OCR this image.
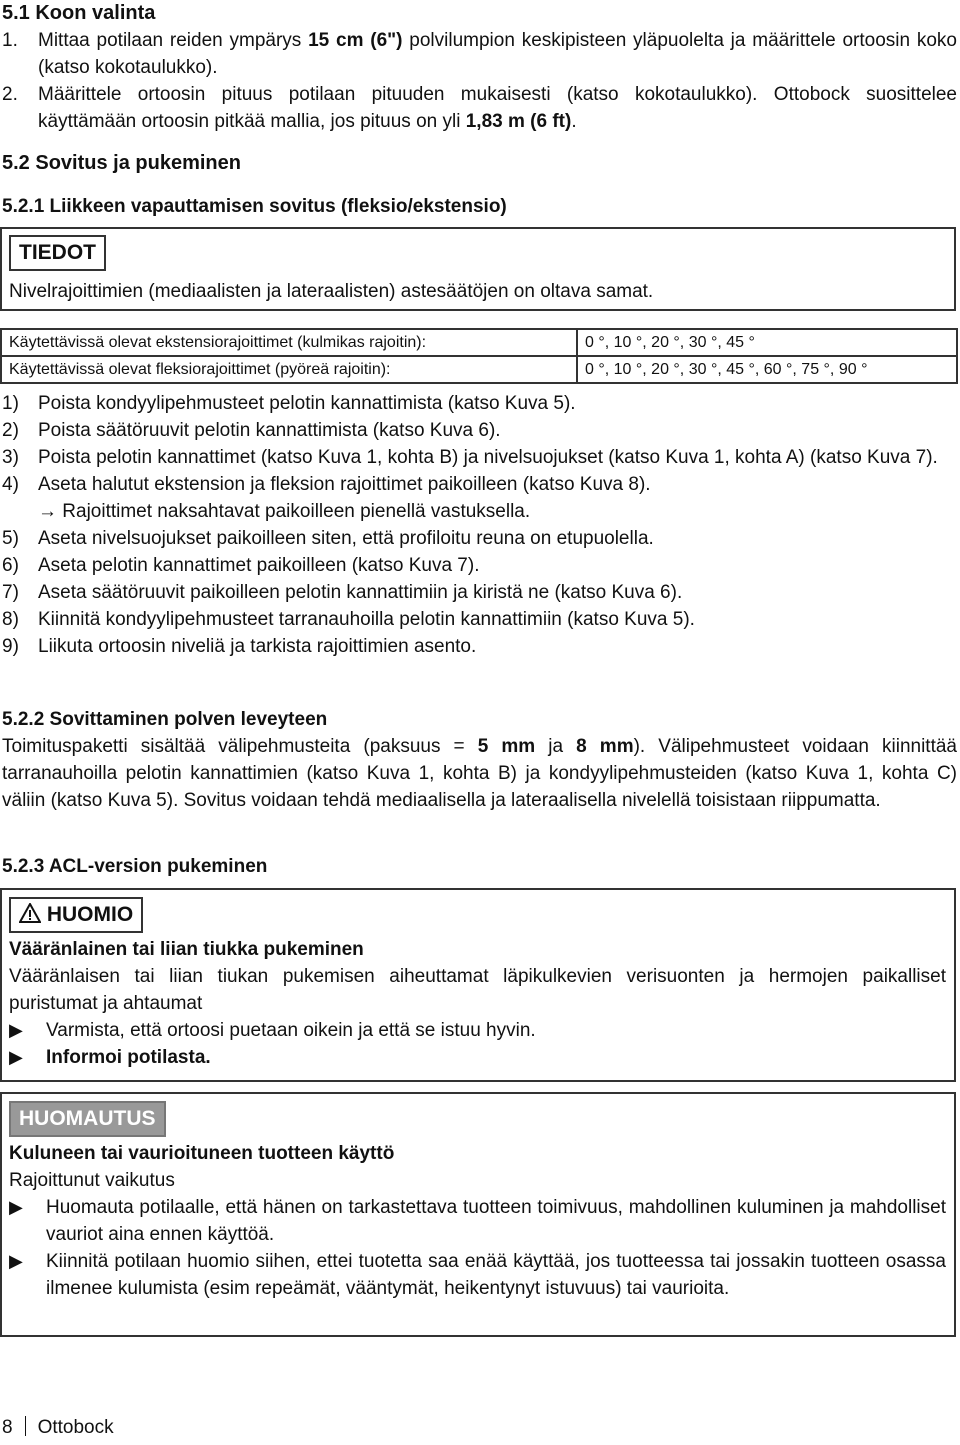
5.1 Koon valinta
1.	Mittaa potilaan reiden ympärys 15 cm (6") polvilumpion keskipisteen yläpuolelta ja määrittele ortoosin koko (katso kokotaulukko).
2.	Määrittele ortoosin pituus potilaan pituuden mukaisesti (katso kokotaulukko). Ottobock suosittelee käyttämään ortoosin pitkää mallia, jos pituus on yli 1,83 m (6 ft).
5.2 Sovitus ja pukeminen
5.2.1 Liikkeen vapauttamisen sovitus (fleksio/ekstensio)
TIEDOT
Nivelrajoittimien (mediaalisten ja lateraalisten) astesäätöjen on oltava samat.
Käytettävissä olevat ekstensiorajoittimet (kulmikas rajoitin):	0 °, 10 °, 20 °, 30 °, 45 °
Käytettävissä olevat fleksiorajoittimet (pyöreä rajoitin):	0 °, 10 °, 20 °, 30 °, 45 °, 60 °, 75 °, 90 °
1)	Poista kondyylipehmusteet pelotin kannattimista (katso Kuva 5).
2)	Poista säätöruuvit pelotin kannattimista (katso Kuva 6).
3)	Poista pelotin kannattimet (katso Kuva 1, kohta B) ja nivelsuojukset (katso Kuva 1, kohta A) (katso Kuva 7).
4)	Aseta halutut ekstension ja fleksion rajoittimet paikoilleen (katso Kuva 8).
→ Rajoittimet naksahtavat paikoilleen pienellä vastuksella.
5)	Aseta nivelsuojukset paikoilleen siten, että profiloitu reuna on etupuolella.
6)	Aseta pelotin kannattimet paikoilleen (katso Kuva 7).
7)	Aseta säätöruuvit paikoilleen pelotin kannattimiin ja kiristä ne (katso Kuva 6).
8)	Kiinnitä kondyylipehmusteet tarranauhoilla pelotin kannattimiin (katso Kuva 5).
9)	Liikuta ortoosin niveliä ja tarkista rajoittimien asento.
5.2.2 Sovittaminen polven leveyteen
Toimituspaketti sisältää välipehmusteita (paksuus = 5 mm ja 8 mm). Välipehmusteet voidaan kiinnittää tarranauhoilla pelotin kannattimien (katso Kuva 1, kohta B) ja kondyylipehmusteiden (katso Kuva 1, kohta C) väliin (katso Kuva 5). Sovitus voidaan tehdä mediaalisella ja lateraalisella nivelellä toisistaan riippumatta.
5.2.3 ACL-version pukeminen
HUOMIO
Vääränlainen tai liian tiukka pukeminen
Vääränlaisen tai liian tiukan pukemisen aiheuttamat läpikulkevien verisuonten ja hermojen paikalliset puristumat ja ahtaumat
▶	Varmista, että ortoosi puetaan oikein ja että se istuu hyvin.
▶	Informoi potilasta.
HUOMAUTUS
Kuluneen tai vaurioituneen tuotteen käyttö
Rajoittunut vaikutus
▶	Huomauta potilaalle, että hänen on tarkastettava tuotteen toimivuus, mahdollinen kuluminen ja mahdolliset vauriot aina ennen käyttöä.
▶	Kiinnitä potilaan huomio siihen, ettei tuotetta saa enää käyttää, jos tuotteessa tai jossakin tuotteen osassa ilmenee kulumista (esim repeämät, vääntymät, heikentynyt istuvuus) tai vaurioita.
8 Ottobock
